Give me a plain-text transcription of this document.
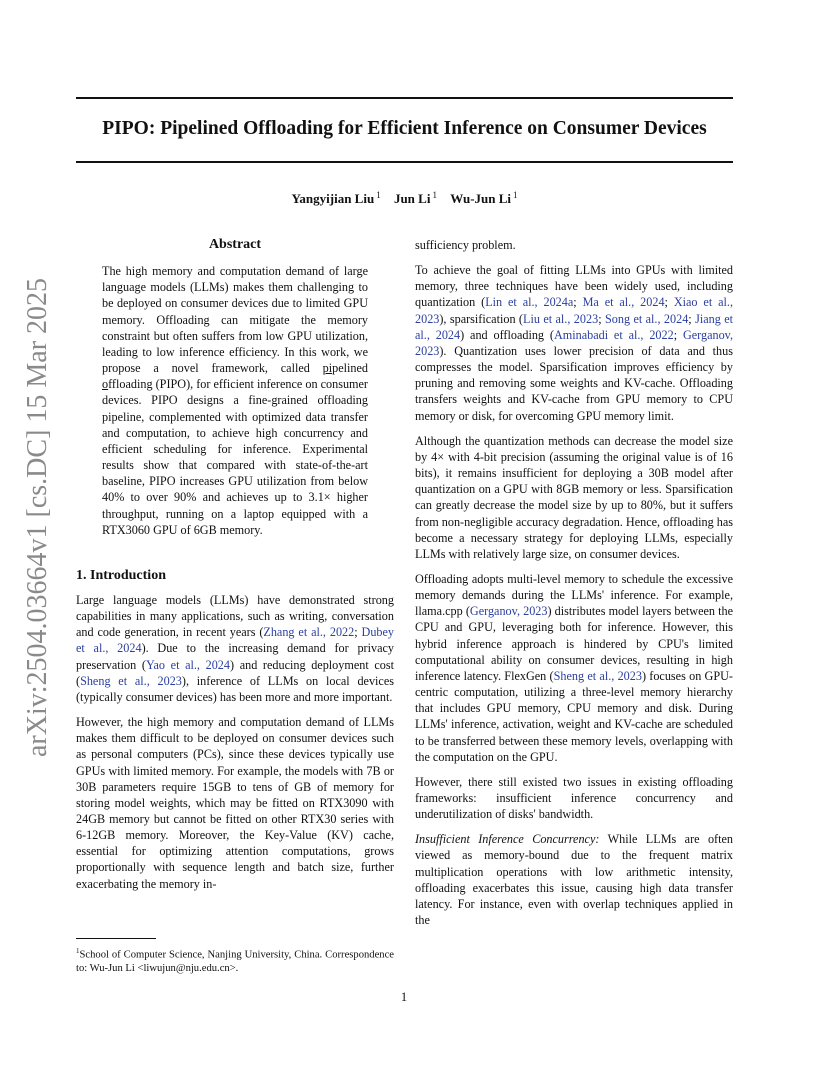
PIPO: Pipelined Offloading for Efficient Inference on Consumer Devices
Yangyijian Liu $^1$ Jun Li $^1$ Wu-Jun Li $^1$
arXiv:2504.03664v1 [cs.DC] 15 Mar 2025
Abstract
The high memory and computation demand of large language models (LLMs) makes them challenging to be deployed on consumer devices due to limited GPU memory. Offloading can mitigate the memory constraint but often suffers from low GPU utilization, leading to low inference efficiency. In this work, we propose a novel framework, called pipelined offloading (PIPO), for efficient inference on consumer devices. PIPO designs a fine-grained offloading pipeline, complemented with optimized data transfer and computation, to achieve high concurrency and efficient scheduling for inference. Experimental results show that compared with state-of-the-art baseline, PIPO increases GPU utilization from below 40% to over 90% and achieves up to 3.1× higher throughput, running on a laptop equipped with a RTX3060 GPU of 6GB memory.
1. Introduction

Large language models (LLMs) have demonstrated strong capabilities in many applications, such as writing, conversation and code generation, in recent years (Zhang et al., 2022; Dubey et al., 2024). Due to the increasing demand for privacy preservation (Yao et al., 2024) and reducing deployment cost (Sheng et al., 2023), inference of LLMs on local devices (typically consumer devices) has been more and more important.

However, the high memory and computation demand of LLMs makes them difficult to be deployed on consumer devices such as personal computers (PCs), since these devices typically use GPUs with limited memory. For example, the models with 7B or 30B parameters require 15GB to tens of GB of memory for storing model weights, which may be fitted on RTX3090 with 24GB memory but cannot be fitted on other RTX30 series with 6-12GB memory. Moreover, the Key-Value (KV) cache, essential for optimizing attention computations, grows proportionally with sequence length and batch size, further exacerbating the memory in-

$^1$School of Computer Science, Nanjing University, China. Correspondence to: Wu-Jun Li <liwujun@nju.edu.cn>.

sufficiency problem.

To achieve the goal of fitting LLMs into GPUs with limited memory, three techniques have been widely used, including quantization (Lin et al., 2024a; Ma et al., 2024; Xiao et al., 2023), sparsification (Liu et al., 2023; Song et al., 2024; Jiang et al., 2024) and offloading (Aminabadi et al., 2022; Gerganov, 2023). Quantization uses lower precision of data and thus compresses the model. Sparsification improves efficiency by pruning and removing some weights and KV-cache. Offloading transfers weights and KV-cache from GPU memory to CPU memory or disk, for overcoming GPU memory limit.

Although the quantization methods can decrease the model size by 4× with 4-bit precision (assuming the original value is of 16 bits), it remains insufficient for deploying a 30B model after quantization on a GPU with 8GB memory or less. Sparsification can greatly decrease the model size by up to 80%, but it suffers from non-negligible accuracy degradation. Hence, offloading has become a necessary strategy for deploying LLMs, especially LLMs with relatively large size, on consumer devices.

Offloading adopts multi-level memory to schedule the excessive memory demands during the LLMs' inference. For example, llama.cpp (Gerganov, 2023) distributes model layers between the CPU and GPU, leveraging both for inference. However, this hybrid inference approach is hindered by CPU's limited computational ability on consumer devices, resulting in high inference latency. FlexGen (Sheng et al., 2023) focuses on GPU-centric computation, utilizing a three-level memory hierarchy that includes GPU memory, CPU memory and disk. During LLMs' inference, activation, weight and KV-cache are scheduled to be transferred between these memory levels, overlapping with the computation on the GPU.

However, there still existed two issues in existing offloading frameworks: insufficient inference concurrency and underutilization of disks' bandwidth.

Insufficient Inference Concurrency: While LLMs are often viewed as memory-bound due to the frequent matrix multiplication operations with low arithmetic intensity, offloading exacerbates this issue, causing high data transfer latency. For instance, even with overlap techniques applied in the

1
